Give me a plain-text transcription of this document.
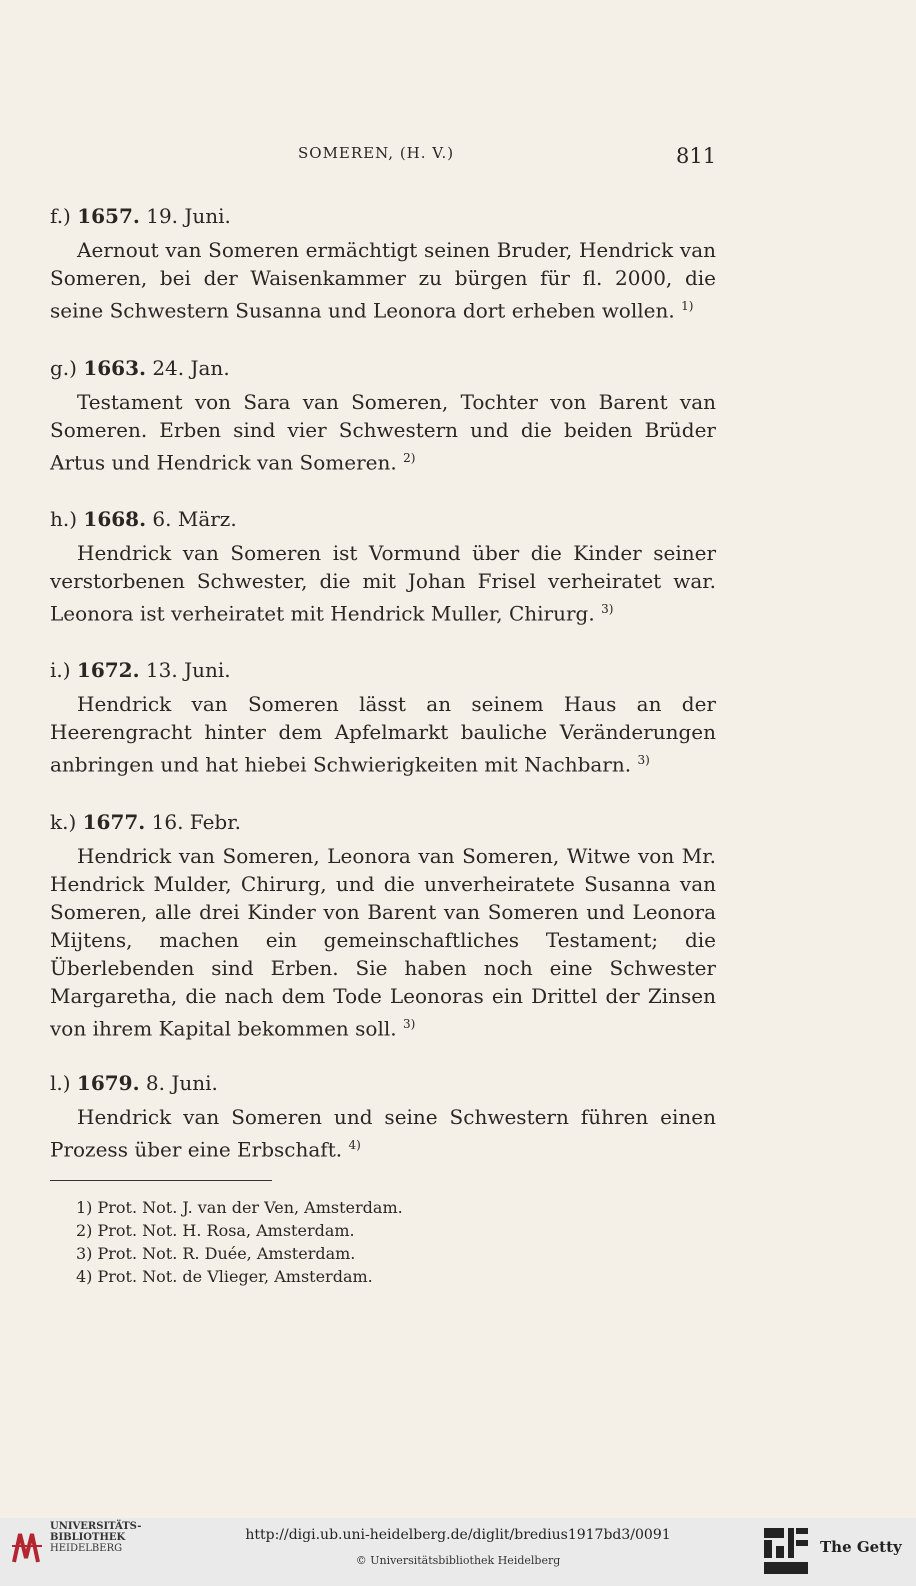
SOMEREN, (H. V.)	811
f.) 1657. 19. Juni.
Aernout van Someren ermächtigt seinen Bruder, Hendrick van Someren, bei der Waisenkammer zu bürgen für fl. 2000, die seine Schwestern Susanna und Leonora dort erheben wollen. $^{1)}$
g.) 1663. 24. Jan.
Testament von Sara van Someren, Tochter von Barent van Someren. Erben sind vier Schwestern und die beiden Brüder Artus und Hendrick van Someren. $^{2)}$
h.) 1668. 6. März.
Hendrick van Someren ist Vormund über die Kinder seiner verstorbenen Schwester, die mit Johan Frisel verheiratet war. Leonora ist verheiratet mit Hendrick Muller, Chirurg. $^{3)}$
i.) 1672. 13. Juni.
Hendrick van Someren lässt an seinem Haus an der Heerengracht hinter dem Apfelmarkt bauliche Veränderungen anbringen und hat hiebei Schwierigkeiten mit Nachbarn. $^{3)}$
k.) 1677. 16. Febr.
Hendrick van Someren, Leonora van Someren, Witwe von Mr. Hendrick Mulder, Chirurg, und die unverheiratete Susanna van Someren, alle drei Kinder von Barent van Someren und Leonora Mijtens, machen ein gemeinschaftliches Testament; die Überlebenden sind Erben. Sie haben noch eine Schwester Margaretha, die nach dem Tode Leonoras ein Drittel der Zinsen von ihrem Kapital bekommen soll. $^{3)}$
l.) 1679. 8. Juni.
Hendrick van Someren und seine Schwestern führen einen Prozess über eine Erbschaft. $^{4)}$
1) Prot. Not. J. van der Ven, Amsterdam.
2) Prot. Not. H. Rosa, Amsterdam.
3) Prot. Not. R. Duée, Amsterdam.
4) Prot. Not. de Vlieger, Amsterdam.
UNIVERSITÄTS-
BIBLIOTHEK
HEIDELBERG
http://digi.ub.uni-heidelberg.de/diglit/bredius1917bd3/0091
© Universitätsbibliothek Heidelberg
The Getty
